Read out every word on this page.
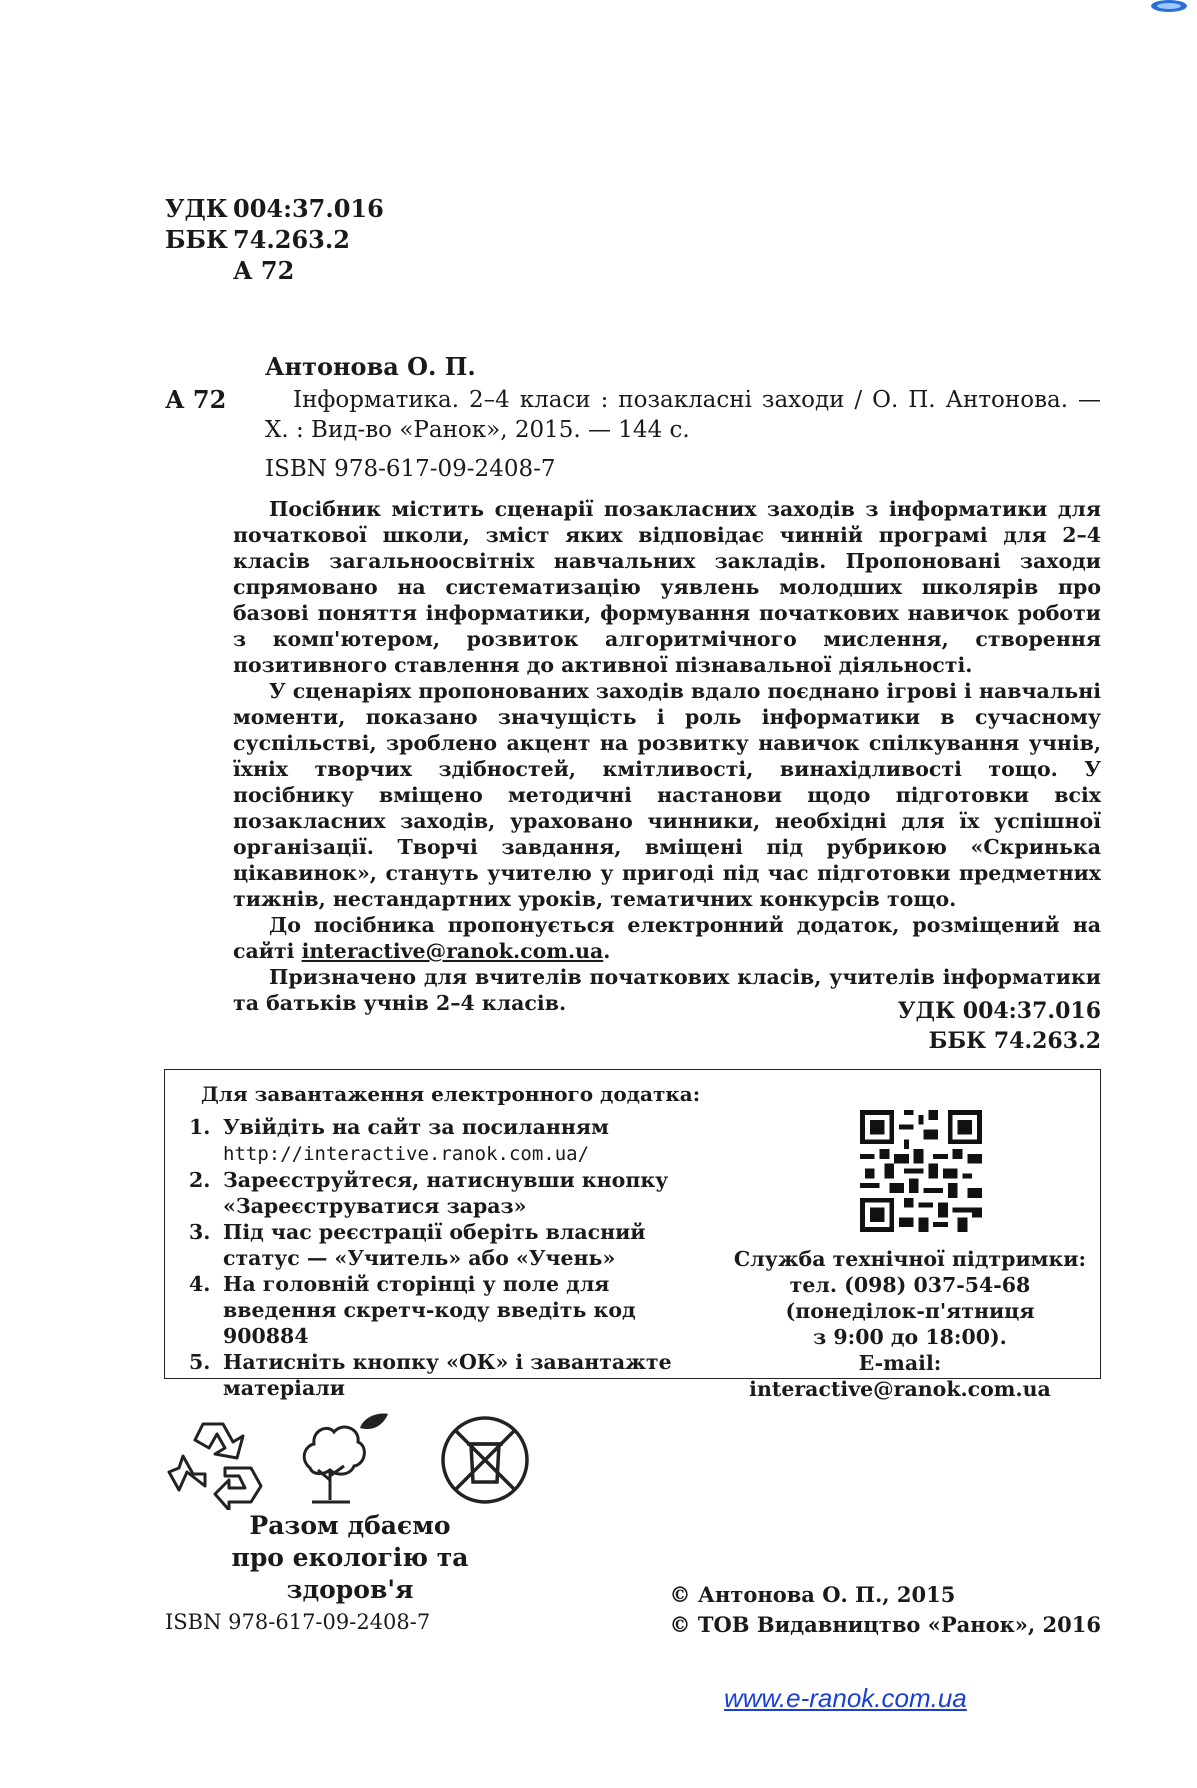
УДК 004:37.016
ББК 74.263.2
А 72
Антонова О. П.
А 72	Інформатика. 2–4 класи : позакласні заходи / О. П. Антонова. — Х. : Вид-во «Ранок», 2015. — 144 с.
ISBN 978-617-09-2408-7

Посібник містить сценарії позакласних заходів з інформатики для початкової школи, зміст яких відповідає чинній програмі для 2–4 класів загальноосвітніх навчальних закладів. Пропоновані заходи спрямовано на систематизацію уявлень молодших школярів про базові поняття інформатики, формування початкових навичок роботи з комп'ютером, розвиток алгоритмічного мислення, створення позитивного ставлення до активної пізнавальної діяльності.

У сценаріях пропонованих заходів вдало поєднано ігрові і навчальні моменти, показано значущість і роль інформатики в сучасному суспільстві, зроблено акцент на розвитку навичок спілкування учнів, їхніх творчих здібностей, кмітливості, винахідливості тощо. У посібнику вміщено методичні настанови щодо підготовки всіх позакласних заходів, ураховано чинники, необхідні для їх успішної організації. Творчі завдання, вміщені під рубрикою «Скринька цікавинок», стануть учителю у пригоді під час підготовки предметних тижнів, нестандартних уроків, тематичних конкурсів тощо.

До посібника пропонується електронний додаток, розміщений на сайті interactive@ranok.com.ua.

Призначено для вчителів початкових класів, учителів інформатики та батьків учнів 2–4 класів.	УДК 004:37.016
ББК 74.263.2
Для завантаження електронного додатка:
1. Увійдіть на сайт за посиланням
http://interactive.ranok.com.ua/
2. Зареєструйтеся, натиснувши кнопку «Зареєструватися зараз»
3. Під час реєстрації оберіть власний статус — «Учитель» або «Учень»
4. На головній сторінці у поле для введення скретч-коду введіть код 900884
5. Натисніть кнопку «ОК» і завантажте матеріали
Служба технічної підтримки:
тел. (098) 037-54-68
(понеділок-п'ятниця
з 9:00 до 18:00).
E-mail: interactive@ranok.com.ua
Разом дбаємо
про екологію та здоров'я	© Антонова О. П., 2015
© ТОВ Видавництво «Ранок», 2016
ISBN 978-617-09-2408-7
www.e-ranok.com.ua
